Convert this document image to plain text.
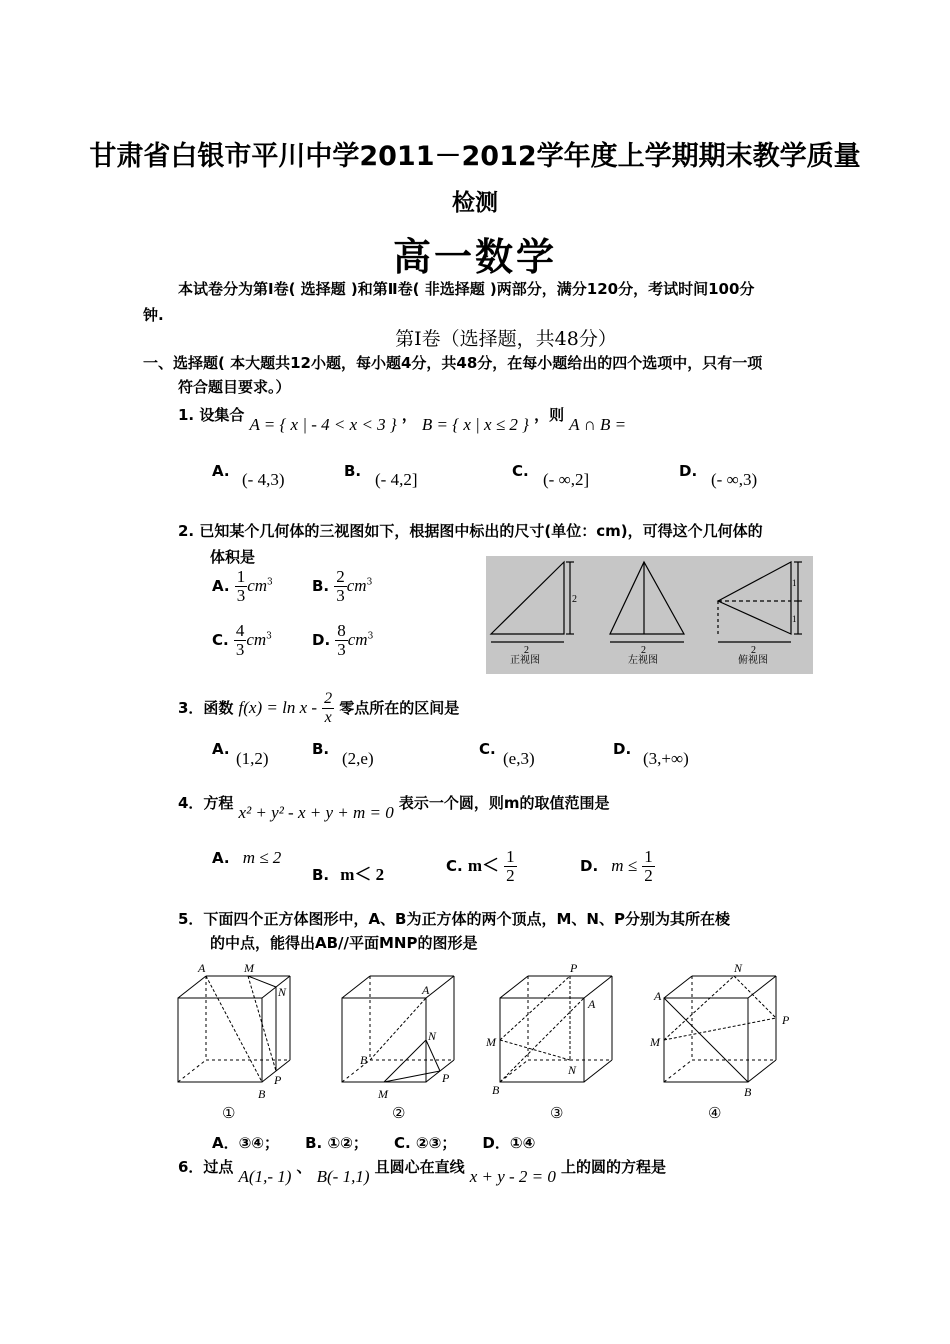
甘肃省白银市平川中学2011－2012学年度上学期期末教学质量
检测
高一数学
本试卷分为第Ⅰ卷( 选择题 )和第Ⅱ卷( 非选择题 )两部分，满分120分，考试时间100分
钟.
第Ⅰ卷（选择题，共48分）
一、选择题( 本大题共12小题，每小题4分，共48分，在每小题给出的四个选项中，只有一项
符合题目要求。）
1. 设集合 A = { x | - 4 < x < 3 } ， B = { x | x ≤ 2 } ，则 A ∩ B =
A. (- 4,3)	B. (- 4,2]	C. (- ∞,2]	D. (- ∞,3)
2. 已知某个几何体的三视图如下，根据图中标出的尺寸(单位：cm)，可得这个几何体的
体积是
A. $\frac{1}{3} cm^3$	B. $\frac{2}{3} cm^3$
C. $\frac{4}{3} cm^3$	D. $\frac{8}{3} cm^3$
2
2
正视图
2
左视图
2
1
1
俯视图
3．函数 $f(x) = \ln x - \frac{2}{x}$ 零点所在的区间是
A. (1,2)	B. (2,e)	C. (e,3)	D. (3,+∞)
4．方程 x² + y² - x + y + m = 0 表示一个圆，则m的取值范围是
A. m ≤ 2
B. m＜ 2	C. $m< \frac{1}{2}$	D. $m \le \frac{1}{2}$
5．下面四个正方体图形中，A、B为正方体的两个顶点，M、N、P分别为其所在棱
的中点，能得出AB//平面MNP的图形是
A	M
N
P
B
A
B
N
P
M
P
A
M
N
B
A
N
P
M
B
①	②	③	④
A．③④；     B. ①②；     C. ②③；     D．①④
6．过点 A(1,- 1) 、 B(- 1,1) 且圆心在直线 x + y - 2 = 0 上的圆的方程是
